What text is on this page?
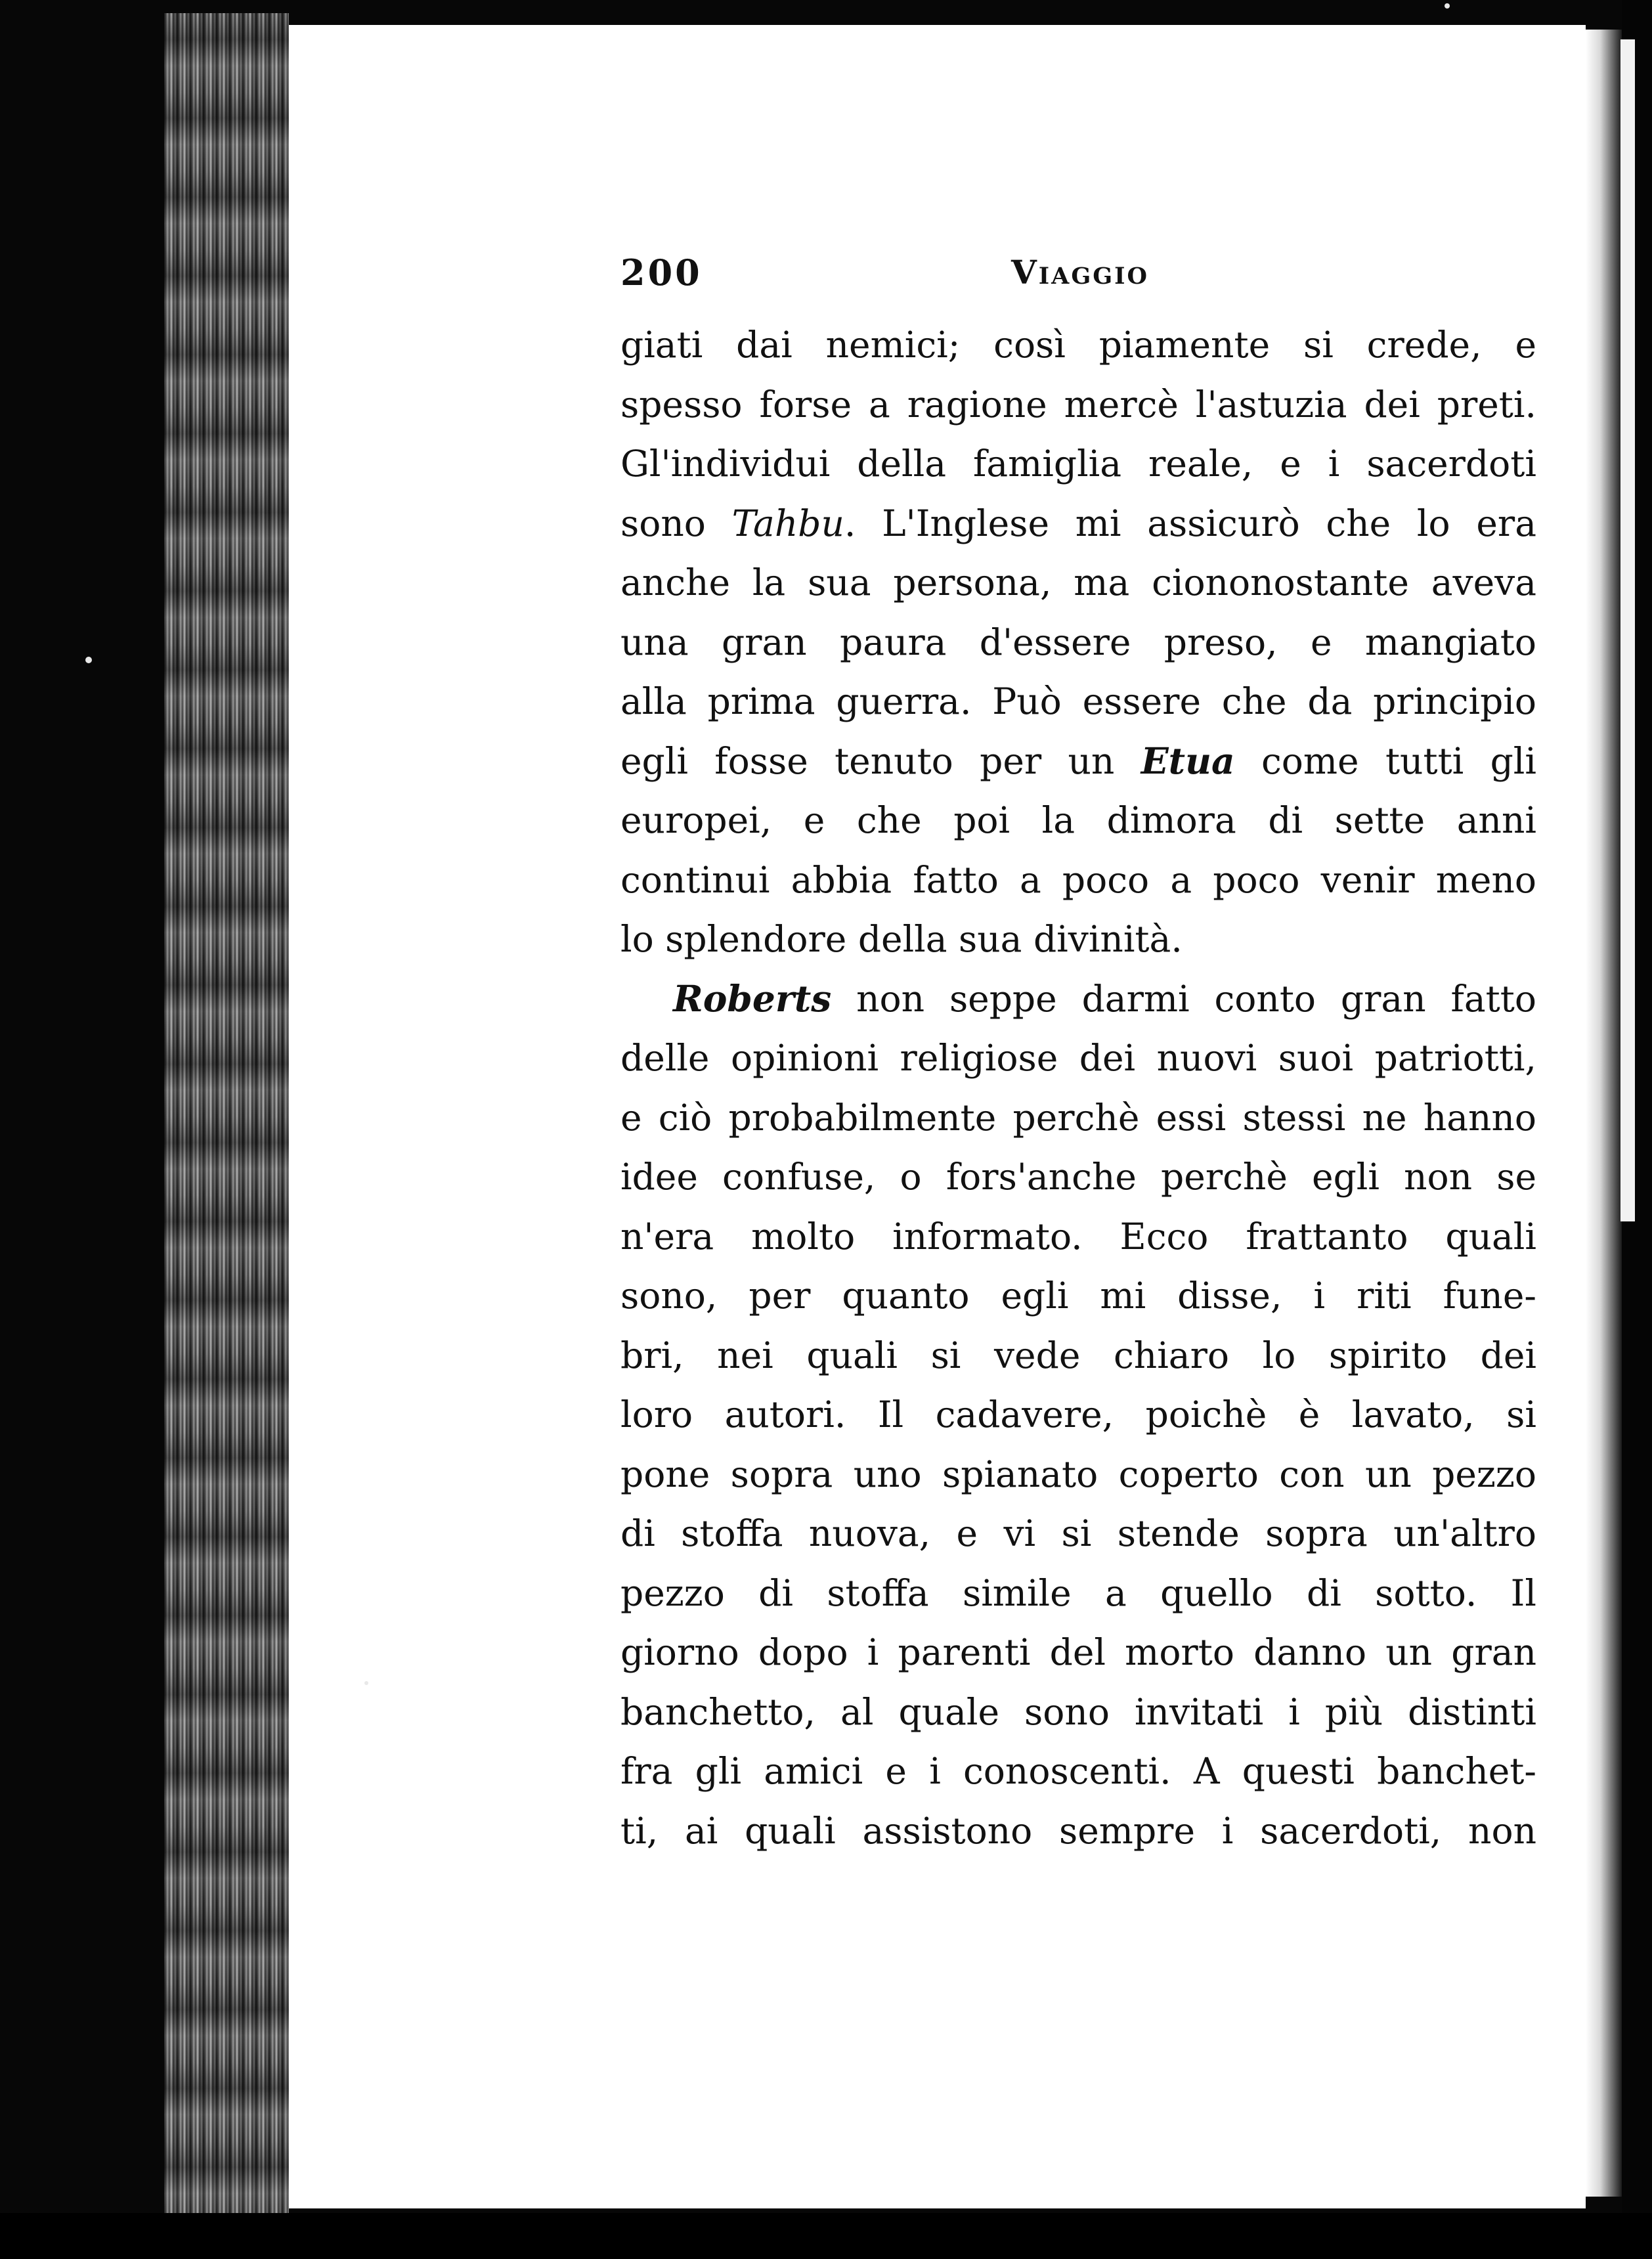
200	Viaggio
giati dai nemici; così piamente si crede, e
spesso forse a ragione mercè l'astuzia dei preti.
Gl'individui della famiglia reale, e i sacerdoti
sono Tahbu. L'Inglese mi assicurò che lo era
anche la sua persona, ma ciononostante aveva
una gran paura d'essere preso, e mangiato
alla prima guerra. Può essere che da principio
egli fosse tenuto per un Etua come tutti gli
europei, e che poi la dimora di sette anni
continui abbia fatto a poco a poco venir meno
lo splendore della sua divinità.
Roberts non seppe darmi conto gran fatto
delle opinioni religiose dei nuovi suoi patriotti,
e ciò probabilmente perchè essi stessi ne hanno
idee confuse, o fors'anche perchè egli non se
n'era molto informato. Ecco frattanto quali
sono, per quanto egli mi disse, i riti fune-
bri, nei quali si vede chiaro lo spirito dei
loro autori. Il cadavere, poichè è lavato, si
pone sopra uno spianato coperto con un pezzo
di stoffa nuova, e vi si stende sopra un'altro
pezzo di stoffa simile a quello di sotto. Il
giorno dopo i parenti del morto danno un gran
banchetto, al quale sono invitati i più distinti
fra gli amici e i conoscenti. A questi banchet-
ti, ai quali assistono sempre i sacerdoti, non
